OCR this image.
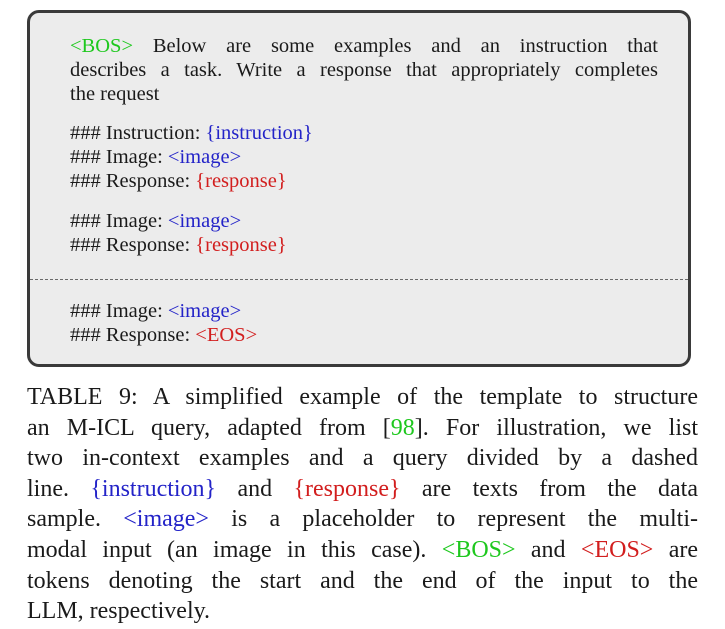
<BOS> Below are some examples and an instruction that
describes a task. Write a response that appropriately completes
the request
### Instruction: {instruction}
### Image: <image>
### Response: {response}
### Image: <image>
### Response: {response}
### Image: <image>
### Response: <EOS>
TABLE 9: A simplified example of the template to structure
an M-ICL query, adapted from [98]. For illustration, we list
two in-context examples and a query divided by a dashed
line. {instruction} and {response} are texts from the data
sample. <image> is a placeholder to represent the multi-
modal input (an image in this case). <BOS> and <EOS> are
tokens denoting the start and the end of the input to the
LLM, respectively.
